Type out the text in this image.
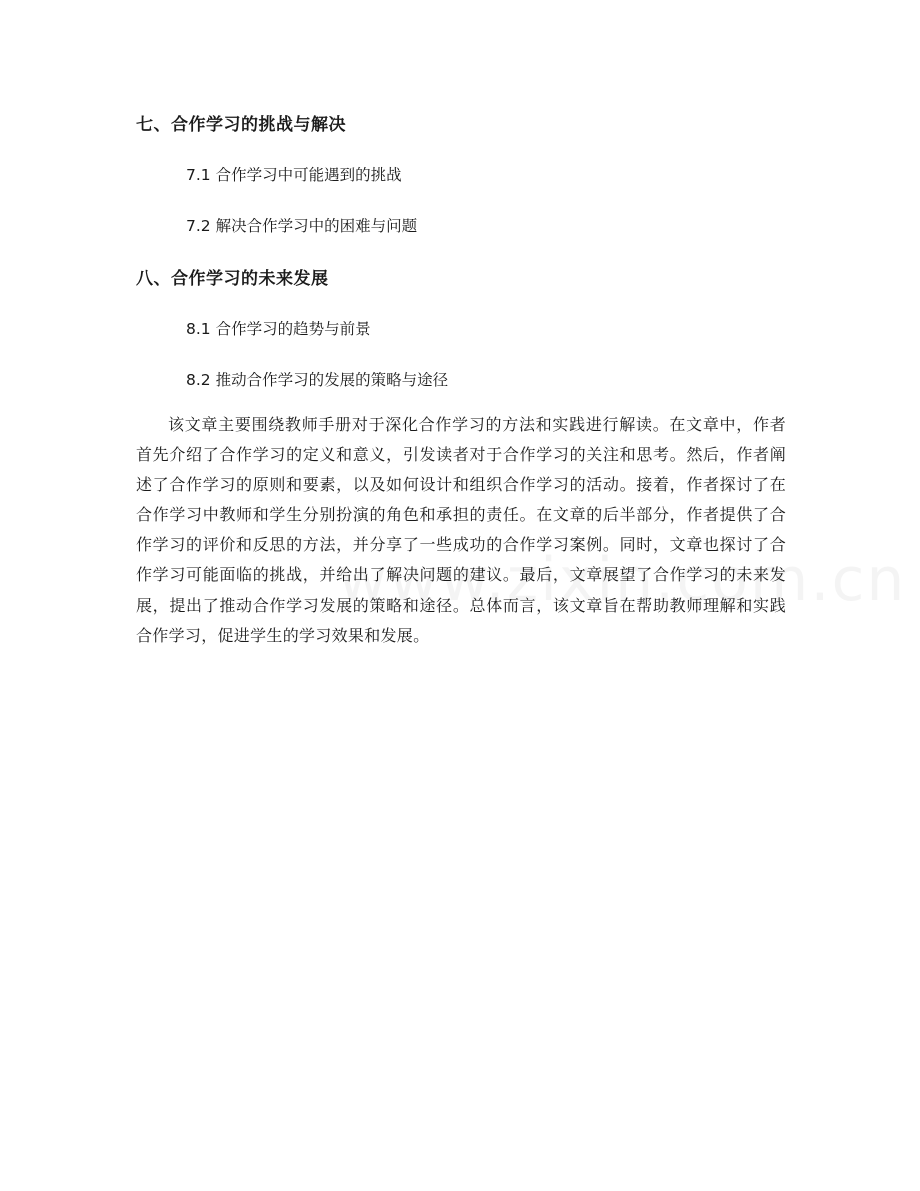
七、合作学习的挑战与解决

7.1 合作学习中可能遇到的挑战

7.2 解决合作学习中的困难与问题

八、合作学习的未来发展

8.1 合作学习的趋势与前景

8.2 推动合作学习的发展的策略与途径

该文章主要围绕教师手册对于深化合作学习的方法和实践进行解读。在文章中，作者首先介绍了合作学习的定义和意义，引发读者对于合作学习的关注和思考。然后，作者阐述了合作学习的原则和要素，以及如何设计和组织合作学习的活动。接着，作者探讨了在合作学习中教师和学生分别扮演的角色和承担的责任。在文章的后半部分，作者提供了合作学习的评价和反思的方法，并分享了一些成功的合作学习案例。同时，文章也探讨了合作学习可能面临的挑战，并给出了解决问题的建议。最后，文章展望了合作学习的未来发展，提出了推动合作学习发展的策略和途径。总体而言，该文章旨在帮助教师理解和实践合作学习，促进学生的学习效果和发展。
